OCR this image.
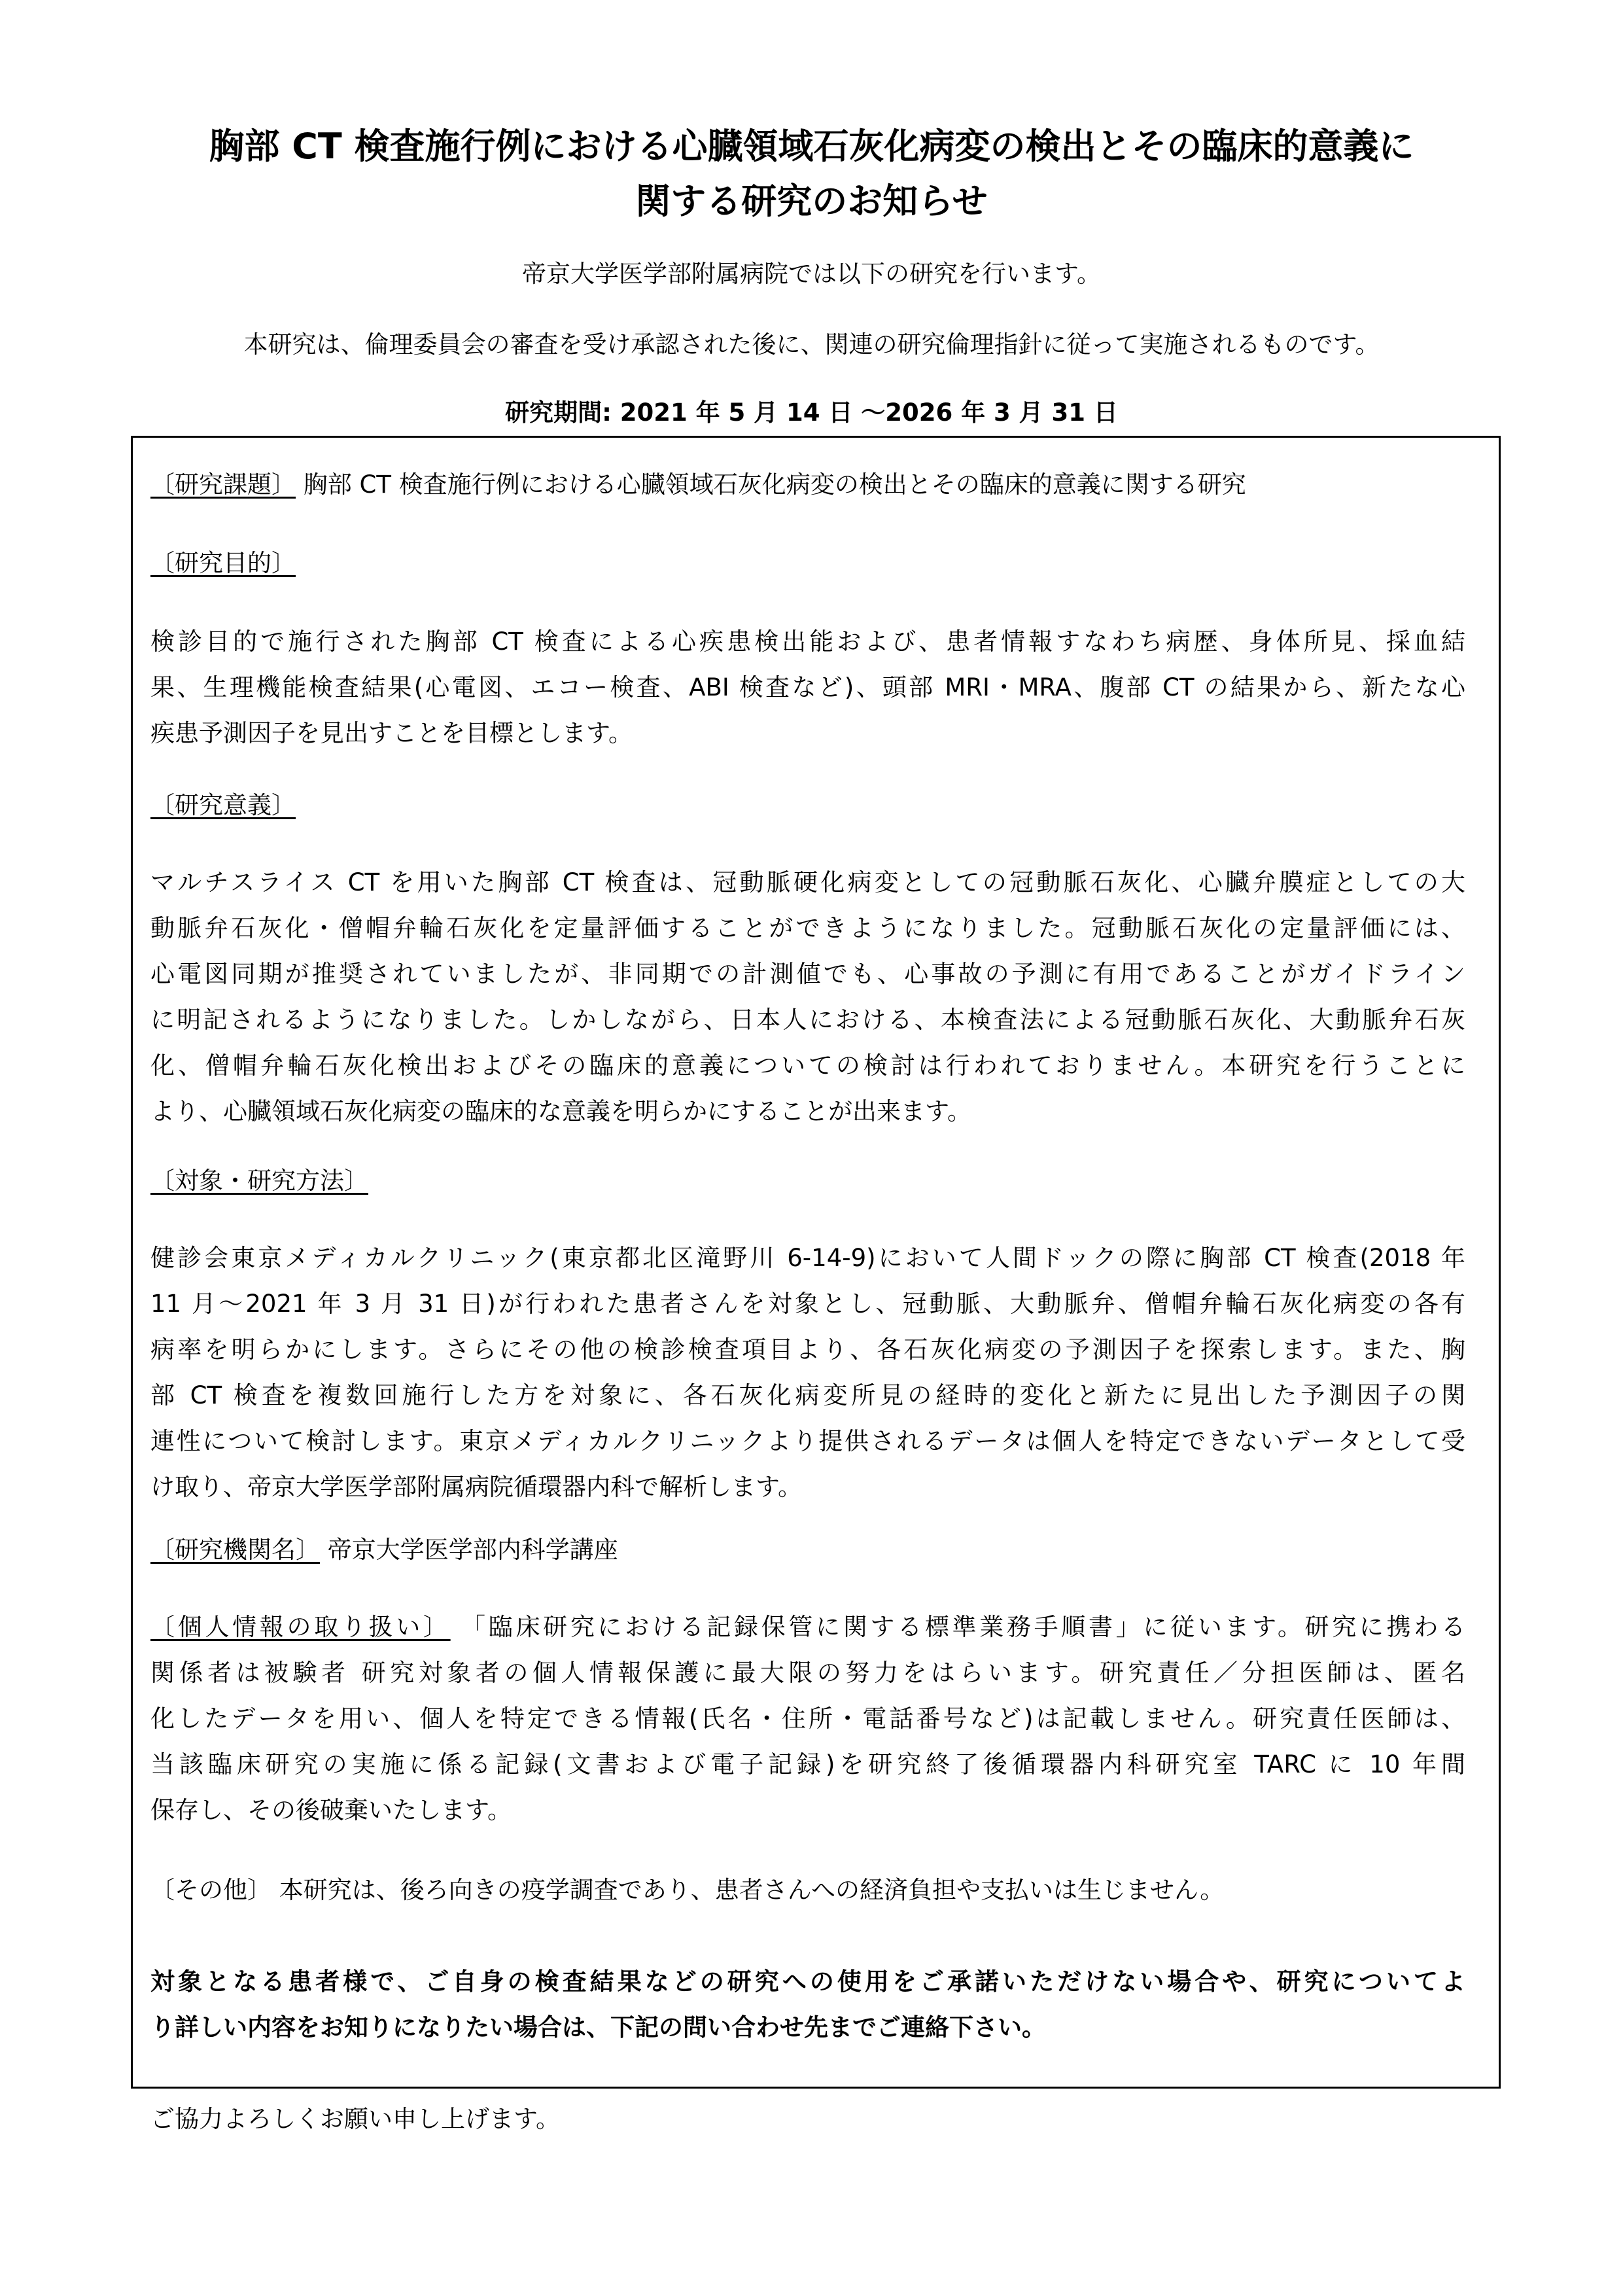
胸部 CT 検査施行例における心臓領域石灰化病変の検出とその臨床的意義に
関する研究のお知らせ
帝京大学医学部附属病院では以下の研究を行います。
本研究は、倫理委員会の審査を受け承認された後に、関連の研究倫理指針に従って実施されるものです。
研究期間: 2021 年 5 月 14 日 ～2026 年 3 月 31 日
〔研究課題〕 胸部 CT 検査施行例における心臓領域石灰化病変の検出とその臨床的意義に関する研究
〔研究目的〕
検診目的で施行された胸部 CT 検査による心疾患検出能および、患者情報すなわち病歴、身体所見、採血結
果、生理機能検査結果(心電図、エコー検査、ABI 検査など)、頭部 MRI・MRA、腹部 CT の結果から、新たな心
疾患予測因子を見出すことを目標とします。
〔研究意義〕
マルチスライス CT を用いた胸部 CT 検査は、冠動脈硬化病変としての冠動脈石灰化、心臓弁膜症としての大
動脈弁石灰化・僧帽弁輪石灰化を定量評価することができようになりました。冠動脈石灰化の定量評価には、
心電図同期が推奨されていましたが、非同期での計測値でも、心事故の予測に有用であることがガイドライン
に明記されるようになりました。しかしながら、日本人における、本検査法による冠動脈石灰化、大動脈弁石灰
化、僧帽弁輪石灰化検出およびその臨床的意義についての検討は行われておりません。本研究を行うことに
より、心臓領域石灰化病変の臨床的な意義を明らかにすることが出来ます。
〔対象・研究方法〕
健診会東京メディカルクリニック(東京都北区滝野川 6-14-9)において人間ドックの際に胸部 CT 検査(2018 年
11 月～2021 年 3 月 31 日)が行われた患者さんを対象とし、冠動脈、大動脈弁、僧帽弁輪石灰化病変の各有
病率を明らかにします。さらにその他の検診検査項目より、各石灰化病変の予測因子を探索します。また、胸
部 CT 検査を複数回施行した方を対象に、各石灰化病変所見の経時的変化と新たに見出した予測因子の関
連性について検討します。東京メディカルクリニックより提供されるデータは個人を特定できないデータとして受
け取り、帝京大学医学部附属病院循環器内科で解析します。
〔研究機関名〕 帝京大学医学部内科学講座
〔個人情報の取り扱い〕 「臨床研究における記録保管に関する標準業務手順書」に従います。研究に携わる
関係者は被験者 研究対象者の個人情報保護に最大限の努力をはらいます。研究責任／分担医師は、匿名
化したデータを用い、個人を特定できる情報(氏名・住所・電話番号など)は記載しません。研究責任医師は、
当該臨床研究の実施に係る記録(文書および電子記録)を研究終了後循環器内科研究室 TARC に 10 年間
保存し、その後破棄いたします。
〔その他〕 本研究は、後ろ向きの疫学調査であり、患者さんへの経済負担や支払いは生じません。
対象となる患者様で、ご自身の検査結果などの研究への使用をご承諾いただけない場合や、研究についてよ
り詳しい内容をお知りになりたい場合は、下記の問い合わせ先までご連絡下さい。
ご協力よろしくお願い申し上げます。
